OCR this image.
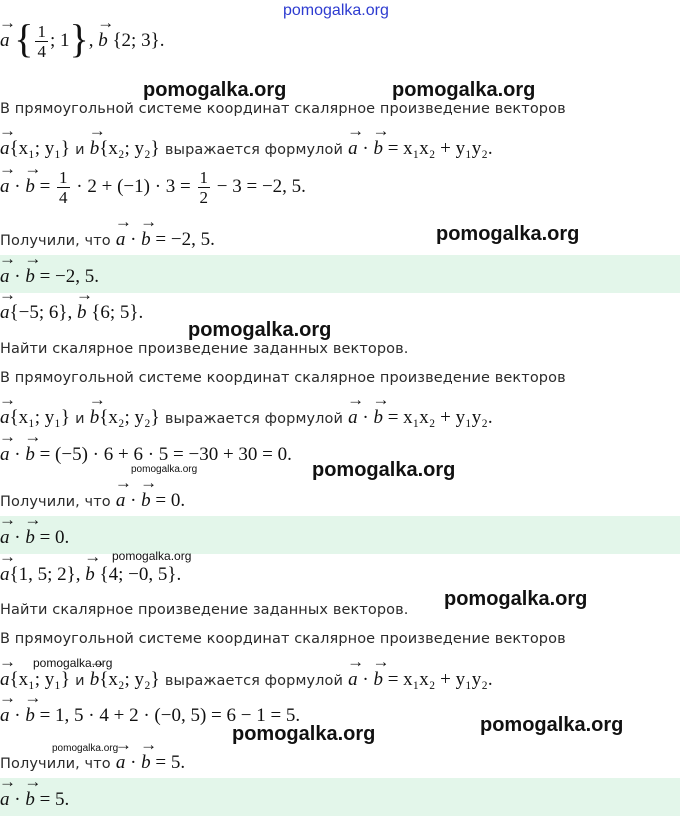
pomogalka.org
a → { $\frac{1}{4}$ ; 1}, b → {2; 3}.
pomogalka.org	pomogalka.org
В прямоугольной системе координат скалярное произведение векторов
a →{x₁; y₁} и b →{x₂; y₂} выражается формулой a → · b → = x₁x₂ + y₁y₂.
a → · b → = $\frac{1}{4} \cdot 2 + (-1) \cdot 3 = \frac{1}{2} - 3 = -2$, 5.
pomogalka.org
Получили, что a → · b → = −2, 5.
a → · b → = −2, 5.
a →{−5; 6}, b → {6; 5}.
pomogalka.org
Найти скалярное произведение заданных векторов.
В прямоугольной системе координат скалярное произведение векторов
a →{x₁; y₁} и b →{x₂; y₂} выражается формулой a → · b → = x₁x₂ + y₁y₂.
a → · b → = (−5) · 6 + 6 · 5 = −30 + 30 = 0.
pomogalka.org	pomogalka.org
Получили, что a → · b → = 0.
a → · b → = 0.
pomogalka.org
a →{1, 5; 2}, b → {4; −0, 5}.
pomogalka.org
Найти скалярное произведение заданных векторов.
В прямоугольной системе координат скалярное произведение векторов
pomogalka.org
a →{x₁; y₁} и b →{x₂; y₂} выражается формулой a → · b → = x₁x₂ + y₁y₂.
a → · b → = 1, 5 · 4 + 2 · (−0, 5) = 6 − 1 = 5.	pomogalka.org
pomogalka.org
pomogalka.org
Получили, что a → · b → = 5.
a → · b → = 5.
